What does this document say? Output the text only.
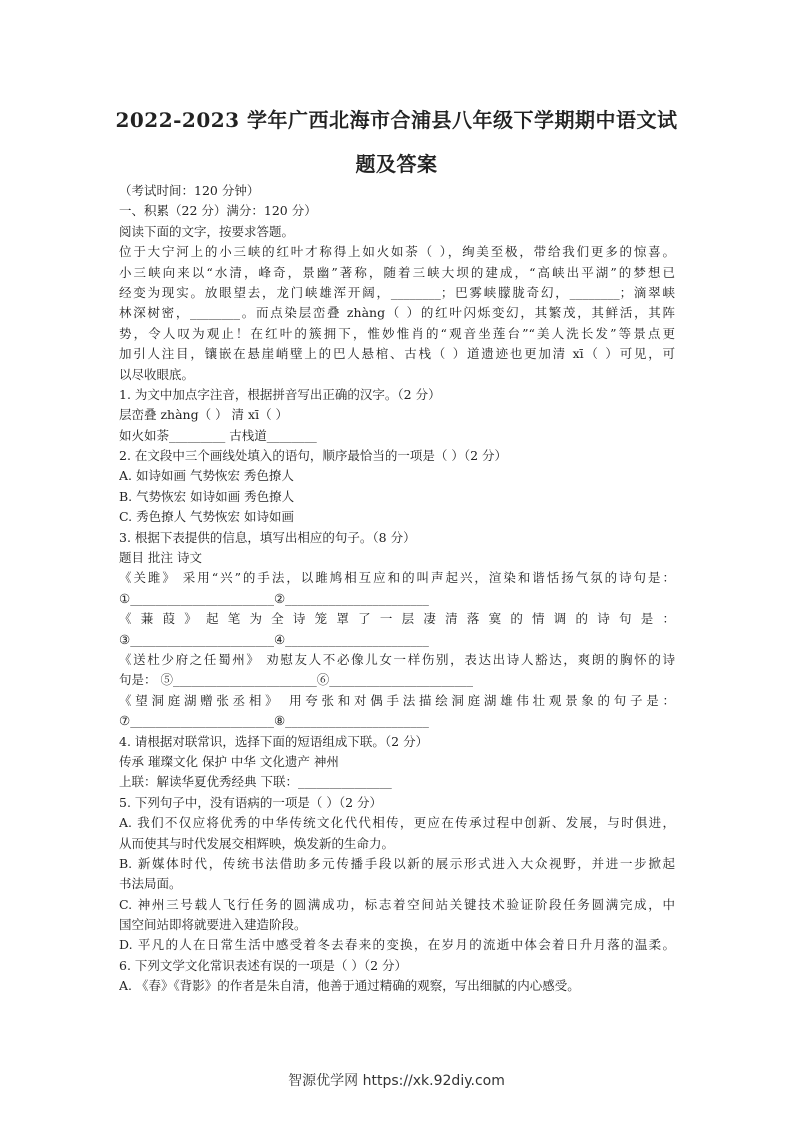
2022-2023 学年广西北海市合浦县八年级下学期期中语文试
题及答案
（考试时间：120 分钟）
一、积累（22 分）满分：120 分）
阅读下面的文字，按要求答题。
位于大宁河上的小三峡的红叶才称得上如火如荼（ ），绚美至极，带给我们更多的惊喜。
小三峡向来以“水清，峰奇，景幽”著称，随着三峡大坝的建成，“高峡出平湖”的梦想已
经变为现实。放眼望去，龙门峡雄浑开阔，________；巴雾峡朦胧奇幻，________；滴翠峡
林深树密，________。而点染层峦叠 zhàng（ ）的红叶闪烁变幻，其繁茂，其鲜活，其阵
势，令人叹为观止！在红叶的簇拥下，惟妙惟肖的“观音坐莲台”“美人洗长发”等景点更
加引人注目，镶嵌在悬崖峭壁上的巴人悬棺、古栈（ ）道遗迹也更加清 xī（ ）可见，可
以尽收眼底。
1. 为文中加点字注音，根据拼音写出正确的汉字。（2 分）
层峦叠 zhàng（ ） 清 xī（ ）
如火如荼_________ 古栈道________
2. 在文段中三个画线处填入的语句，顺序最恰当的一项是（ ）（2 分）
A. 如诗如画 气势恢宏 秀色撩人
B. 气势恢宏 如诗如画 秀色撩人
C. 秀色撩人 气势恢宏 如诗如画
3. 根据下表提供的信息，填写出相应的句子。（8 分）
题目 批注 诗文
《关雎》 采用“兴”的手法，以雎鸠相互应和的叫声起兴，渲染和谐恬扬气氛的诗句是：
①_______________________②_______________________
《 蒹 葭 》 起 笔 为 全 诗 笼 罩 了 一 层 凄 清 落 寞 的 情 调 的 诗 句 是 ：
③_______________________④_______________________
《送杜少府之任蜀州》 劝慰友人不必像儿女一样伤别，表达出诗人豁达，爽朗的胸怀的诗
句是： ⑤_______________________⑥_______________________
《望洞庭湖赠张丞相》 用夸张和对偶手法描绘洞庭湖雄伟壮观景象的句子是：
⑦_______________________⑧_______________________
4. 请根据对联常识，选择下面的短语组成下联。（2 分）
传承 璀璨文化 保护 中华 文化遗产 神州
上联：解读华夏优秀经典 下联：_______________
5. 下列句子中，没有语病的一项是（ ）（2 分）
A. 我们不仅应将优秀的中华传统文化代代相传，更应在传承过程中创新、发展，与时俱进，
从而使其与时代发展交相辉映，焕发新的生命力。
B. 新媒体时代，传统书法借助多元传播手段以新的展示形式进入大众视野，并进一步掀起
书法局面。
C. 神州三号载人飞行任务的圆满成功，标志着空间站关键技术验证阶段任务圆满完成，中
国空间站即将就要进入建造阶段。
D. 平凡的人在日常生活中感受着冬去春来的变换，在岁月的流逝中体会着日升月落的温柔。
6. 下列文学文化常识表述有误的一项是（ ）（2 分）
A. 《春》《背影》的作者是朱自清，他善于通过精确的观察，写出细腻的内心感受。
智源优学网 https://xk.92diy.com
